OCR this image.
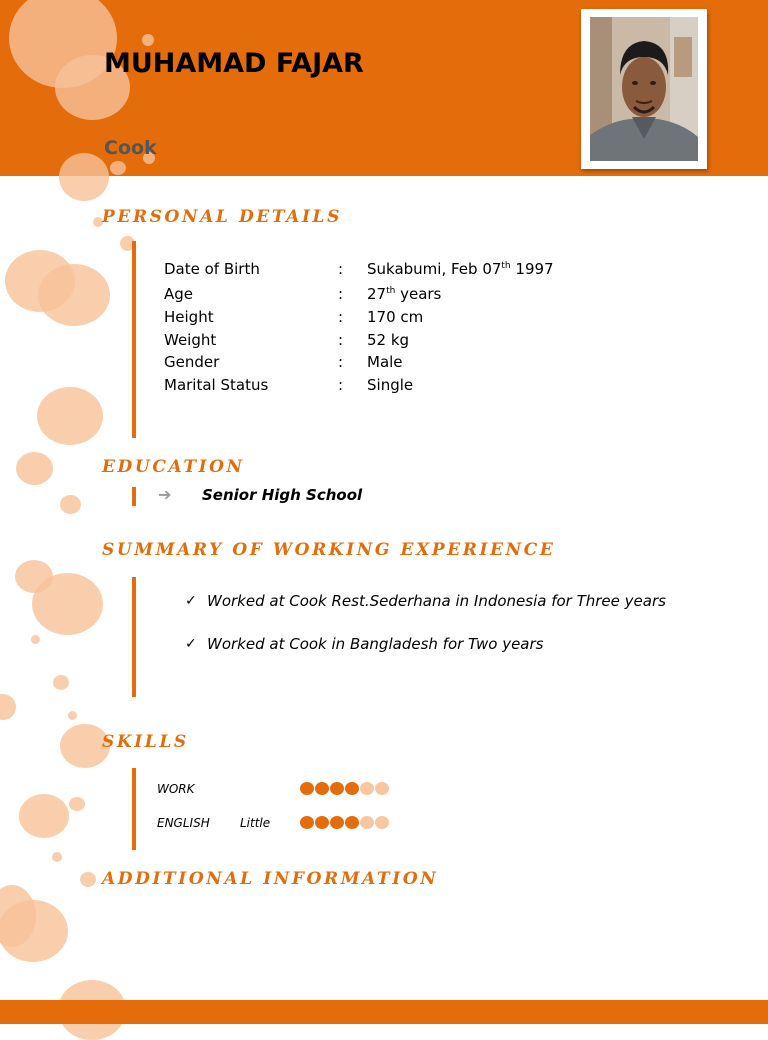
MUHAMAD FAJAR
Cook
PERSONAL DETAILS
Date of Birth	: Sukabumi, Feb 07th 1997
Age	: 27th years
Height	: 170 cm
Weight	: 52 kg
Gender	: Male
Marital Status	: Single
EDUCATION
➔ Senior High School
SUMMARY OF WORKING EXPERIENCE
✓ Worked at Cook Rest.Sederhana in Indonesia for Three years
✓ Worked at Cook in Bangladesh for Two years
SKILLS
WORK
ENGLISH	Little
ADDITIONAL INFORMATION
